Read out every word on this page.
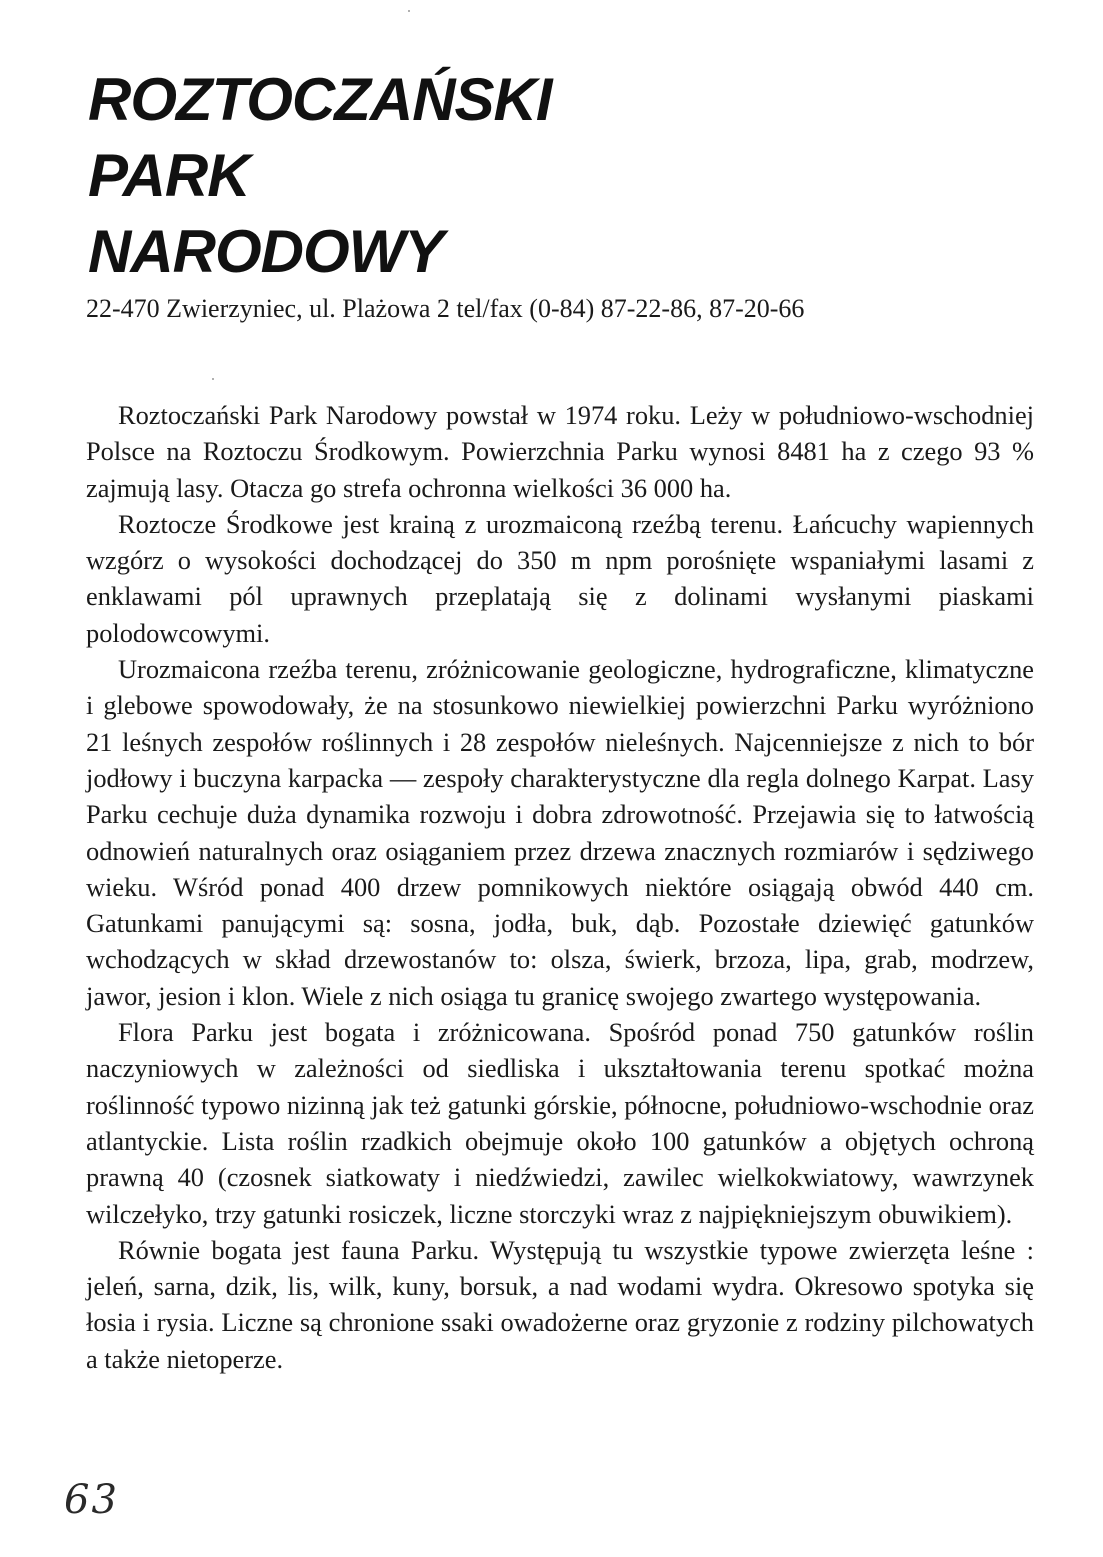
ROZTOCZAŃSKI
PARK
NARODOWY
22-470 Zwierzyniec, ul. Plażowa 2 tel/fax (0-84) 87-22-86, 87-20-66

Roztoczański Park Narodowy powstał w 1974 roku. Leży w południowo-wschodniej Polsce na Roztoczu Środkowym. Powierzchnia Parku wynosi 8481 ha z czego 93 % zajmują lasy. Otacza go strefa ochronna wielkości 36 000 ha.

Roztocze Środkowe jest krainą z urozmaiconą rzeźbą terenu. Łańcuchy wapiennych wzgórz o wysokości dochodzącej do 350 m npm porośnięte wspaniałymi lasami z enklawami pól uprawnych przeplatają się z dolinami wysłanymi piaskami polodowcowymi.

Urozmaicona rzeźba terenu, zróżnicowanie geologiczne, hydrograficzne, klimatyczne i glebowe spowodowały, że na stosunkowo niewielkiej powierzchni Parku wyróżniono 21 leśnych zespołów roślinnych i 28 zespołów nieleśnych. Najcenniejsze z nich to bór jodłowy i buczyna karpacka — zespoły charakterystyczne dla regla dolnego Karpat. Lasy Parku cechuje duża dynamika rozwoju i dobra zdrowotność. Przejawia się to łatwością odnowień naturalnych oraz osiąganiem przez drzewa znacznych rozmiarów i sędziwego wieku. Wśród ponad 400 drzew pomnikowych niektóre osiągają obwód 440 cm. Gatunkami panującymi są: sosna, jodła, buk, dąb. Pozostałe dziewięć gatunków wchodzących w skład drzewostanów to: olsza, świerk, brzoza, lipa, grab, modrzew, jawor, jesion i klon. Wiele z nich osiąga tu granicę swojego zwartego występowania.

Flora Parku jest bogata i zróżnicowana. Spośród ponad 750 gatunków roślin naczyniowych w zależności od siedliska i ukształtowania terenu spotkać można roślinność typowo nizinną jak też gatunki górskie, północne, południowo-wschodnie oraz atlantyckie. Lista roślin rzadkich obejmuje około 100 gatunków a objętych ochroną prawną 40 (czosnek siatkowaty i niedźwiedzi, zawilec wielkokwiatowy, wawrzynek wilczełyko, trzy gatunki rosiczek, liczne storczyki wraz z najpiękniejszym obuwikiem).

Równie bogata jest fauna Parku. Występują tu wszystkie typowe zwierzęta leśne : jeleń, sarna, dzik, lis, wilk, kuny, borsuk, a nad wodami wydra. Okresowo spotyka się łosia i rysia. Liczne są chronione ssaki owadożerne oraz gryzonie z rodziny pilchowatych a także nietoperze.

63
